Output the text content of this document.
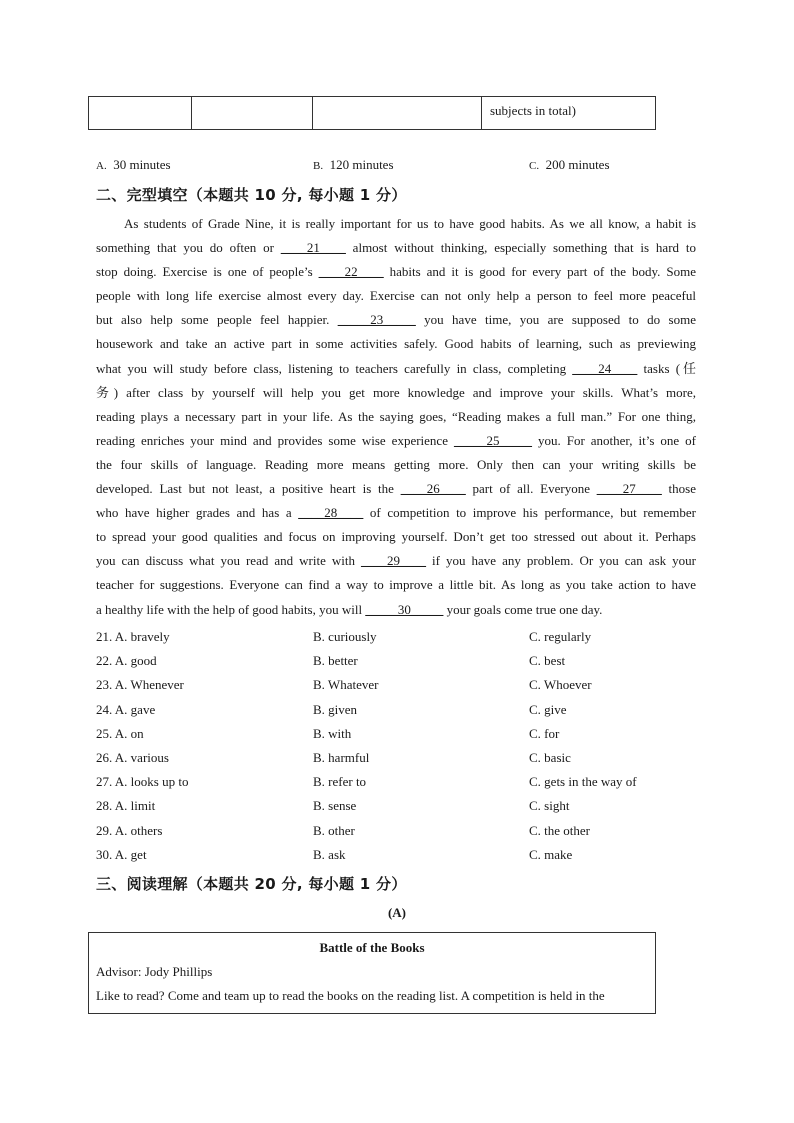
			subjects in total)
A. 30 minutes	B. 120 minutes	C. 200 minutes
二、完型填空（本题共 10 分, 每小题 1 分）
As students of Grade Nine, it is really important for us to have good habits. As we all know, a habit is
something that you do often or ____21____ almost without thinking, especially something that is hard to
stop doing. Exercise is one of people’s ____22____ habits and it is good for every part of the body. Some
people with long life exercise almost every day. Exercise can not only help a person to feel more peaceful
but also help some people feel happier. _____23_____ you have time, you are supposed to do some
housework and take an active part in some activities safely. Good habits of learning, such as previewing
what you will study before class, listening to teachers carefully in class, completing ____24____ tasks (任
务) after class by yourself will help you get more knowledge and improve your skills. What’s more,
reading plays a necessary part in your life. As the saying goes, “Reading makes a full man.” For one thing,
reading enriches your mind and provides some wise experience _____25_____ you. For another, it’s one of
the four skills of language. Reading more means getting more. Only then can your writing skills be
developed. Last but not least, a positive heart is the ____26____ part of all. Everyone ____27____ those
who have higher grades and has a ____28____ of competition to improve his performance, but remember
to spread your good qualities and focus on improving yourself. Don’t get too stressed out about it. Perhaps
you can discuss what you read and write with ____29____ if you have any problem. Or you can ask your
teacher for suggestions. Everyone can find a way to improve a little bit. As long as you take action to have
a healthy life with the help of good habits, you will _____30_____ your goals come true one day.
21. A. bravely	B. curiously	C. regularly
22. A. good	B. better	C. best
23. A. Whenever	B. Whatever	C. Whoever
24. A. gave	B. given	C. give
25. A. on	B. with	C. for
26. A. various	B. harmful	C. basic
27. A. looks up to	B. refer to	C. gets in the way of
28. A. limit	B. sense	C. sight
29. A. others	B. other	C. the other
30. A. get	B. ask	C. make
三、阅读理解（本题共 20 分, 每小题 1 分）
(A)
Battle of the Books
Advisor: Jody Phillips
Like to read? Come and team up to read the books on the reading list. A competition is held in the
